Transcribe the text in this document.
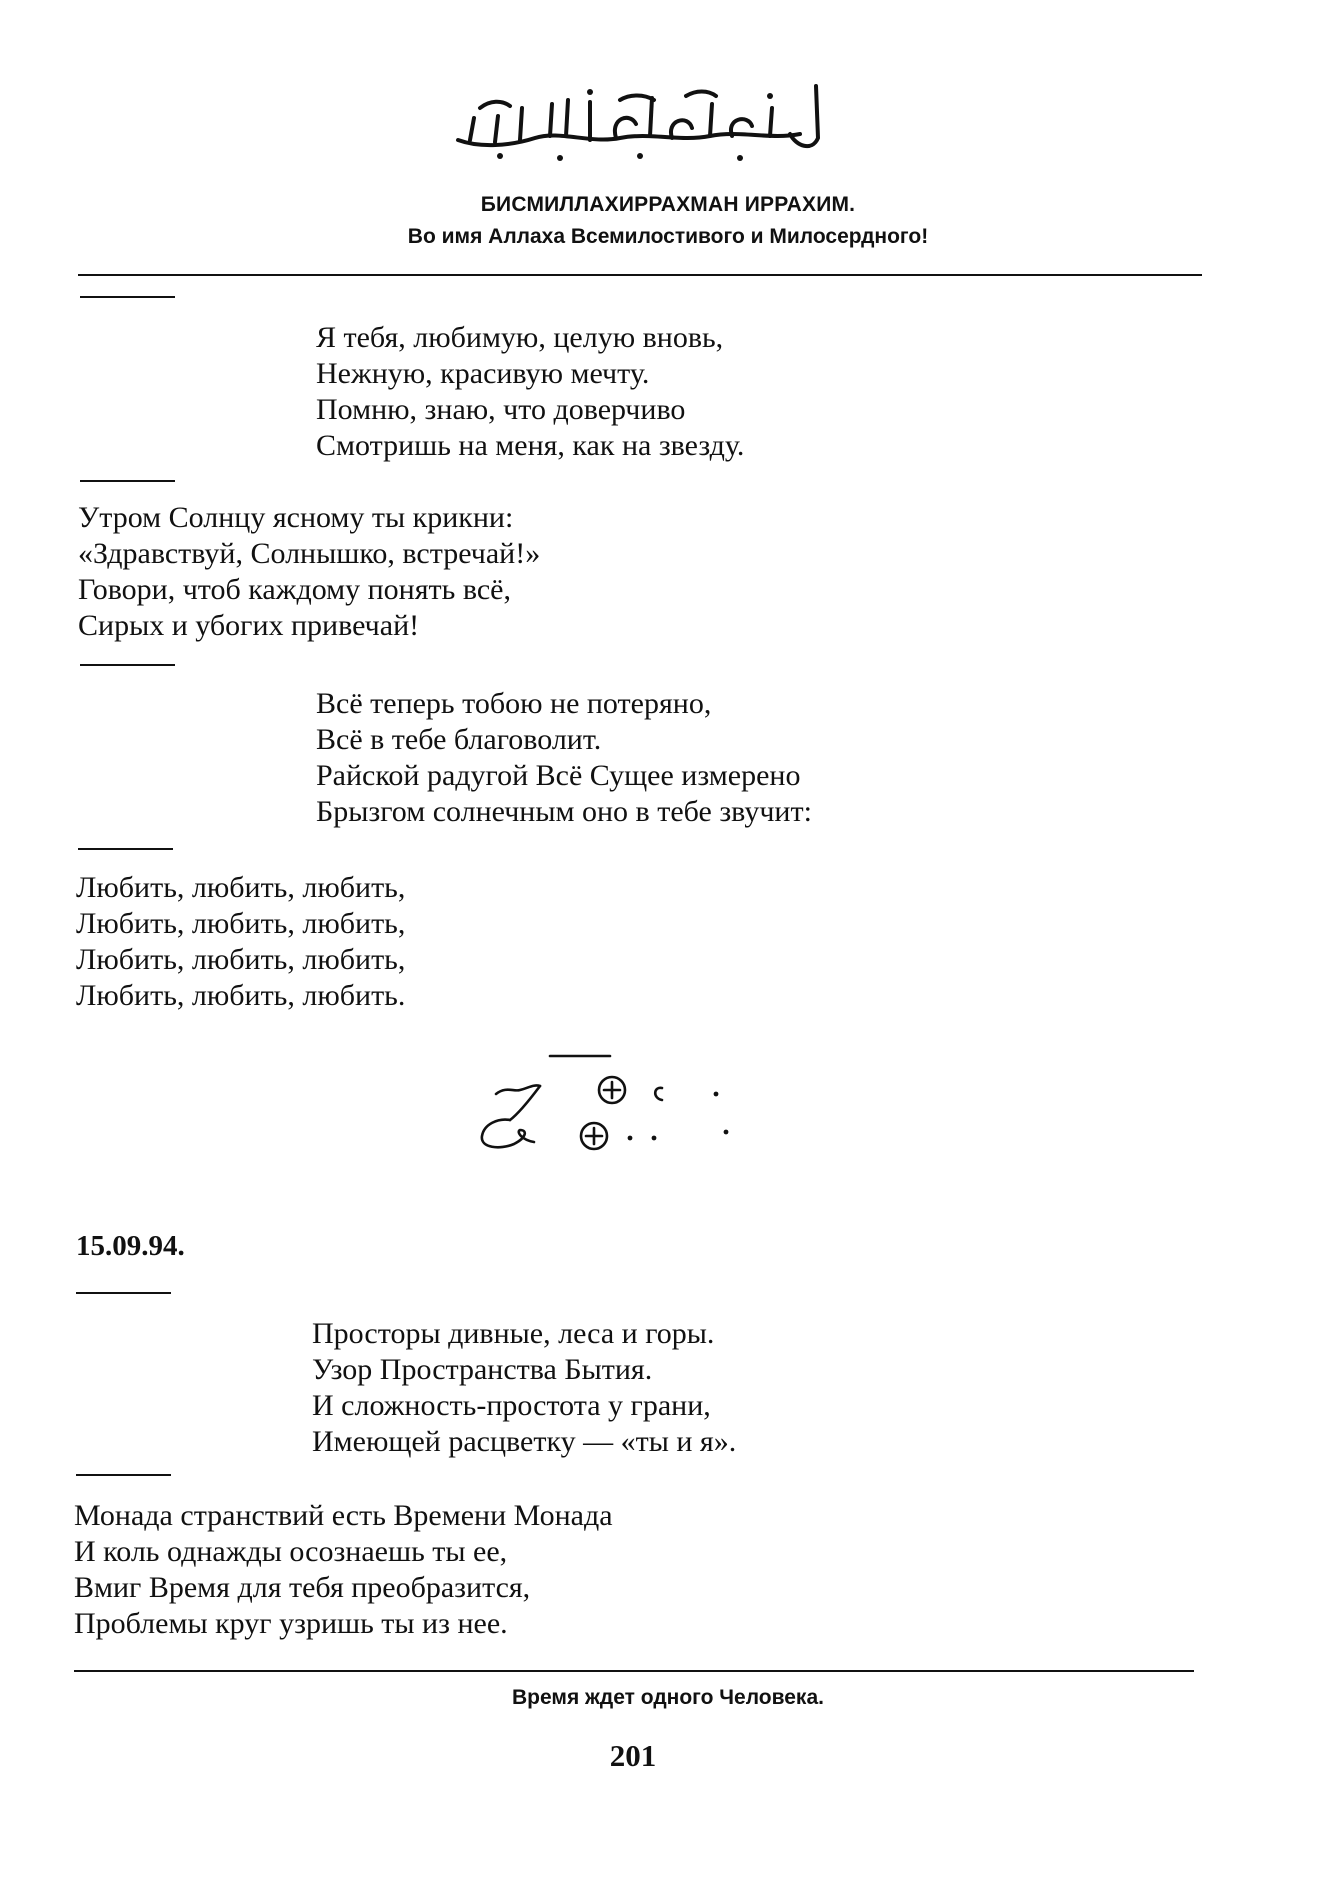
БИСМИЛЛАХИРРАХМАН ИРРАХИМ.
Во имя Аллаха Всемилостивого и Милосердного!
Я тебя, любимую, целую вновь,
Нежную, красивую мечту.
Помню, знаю, что доверчиво
Смотришь на меня, как на звезду.
Утром Солнцу ясному ты крикни:
«Здравствуй, Солнышко, встречай!»
Говори, чтоб каждому понять всё,
Сирых и убогих привечай!
Всё теперь тобою не потеряно,
Всё в тебе благоволит.
Райской радугой Всё Сущее измерено
Брызгом солнечным оно в тебе звучит:
Любить, любить, любить,
Любить, любить, любить,
Любить, любить, любить,
Любить, любить, любить.
15.09.94.
Просторы дивные, леса и горы.
Узор Пространства Бытия.
И сложность-простота у грани,
Имеющей расцветку — «ты и я».
Монада странствий есть Времени Монада
И коль однажды осознаешь ты ее,
Вмиг Время для тебя преобразится,
Проблемы круг узришь ты из нее.
Время ждет одного Человека.
201
